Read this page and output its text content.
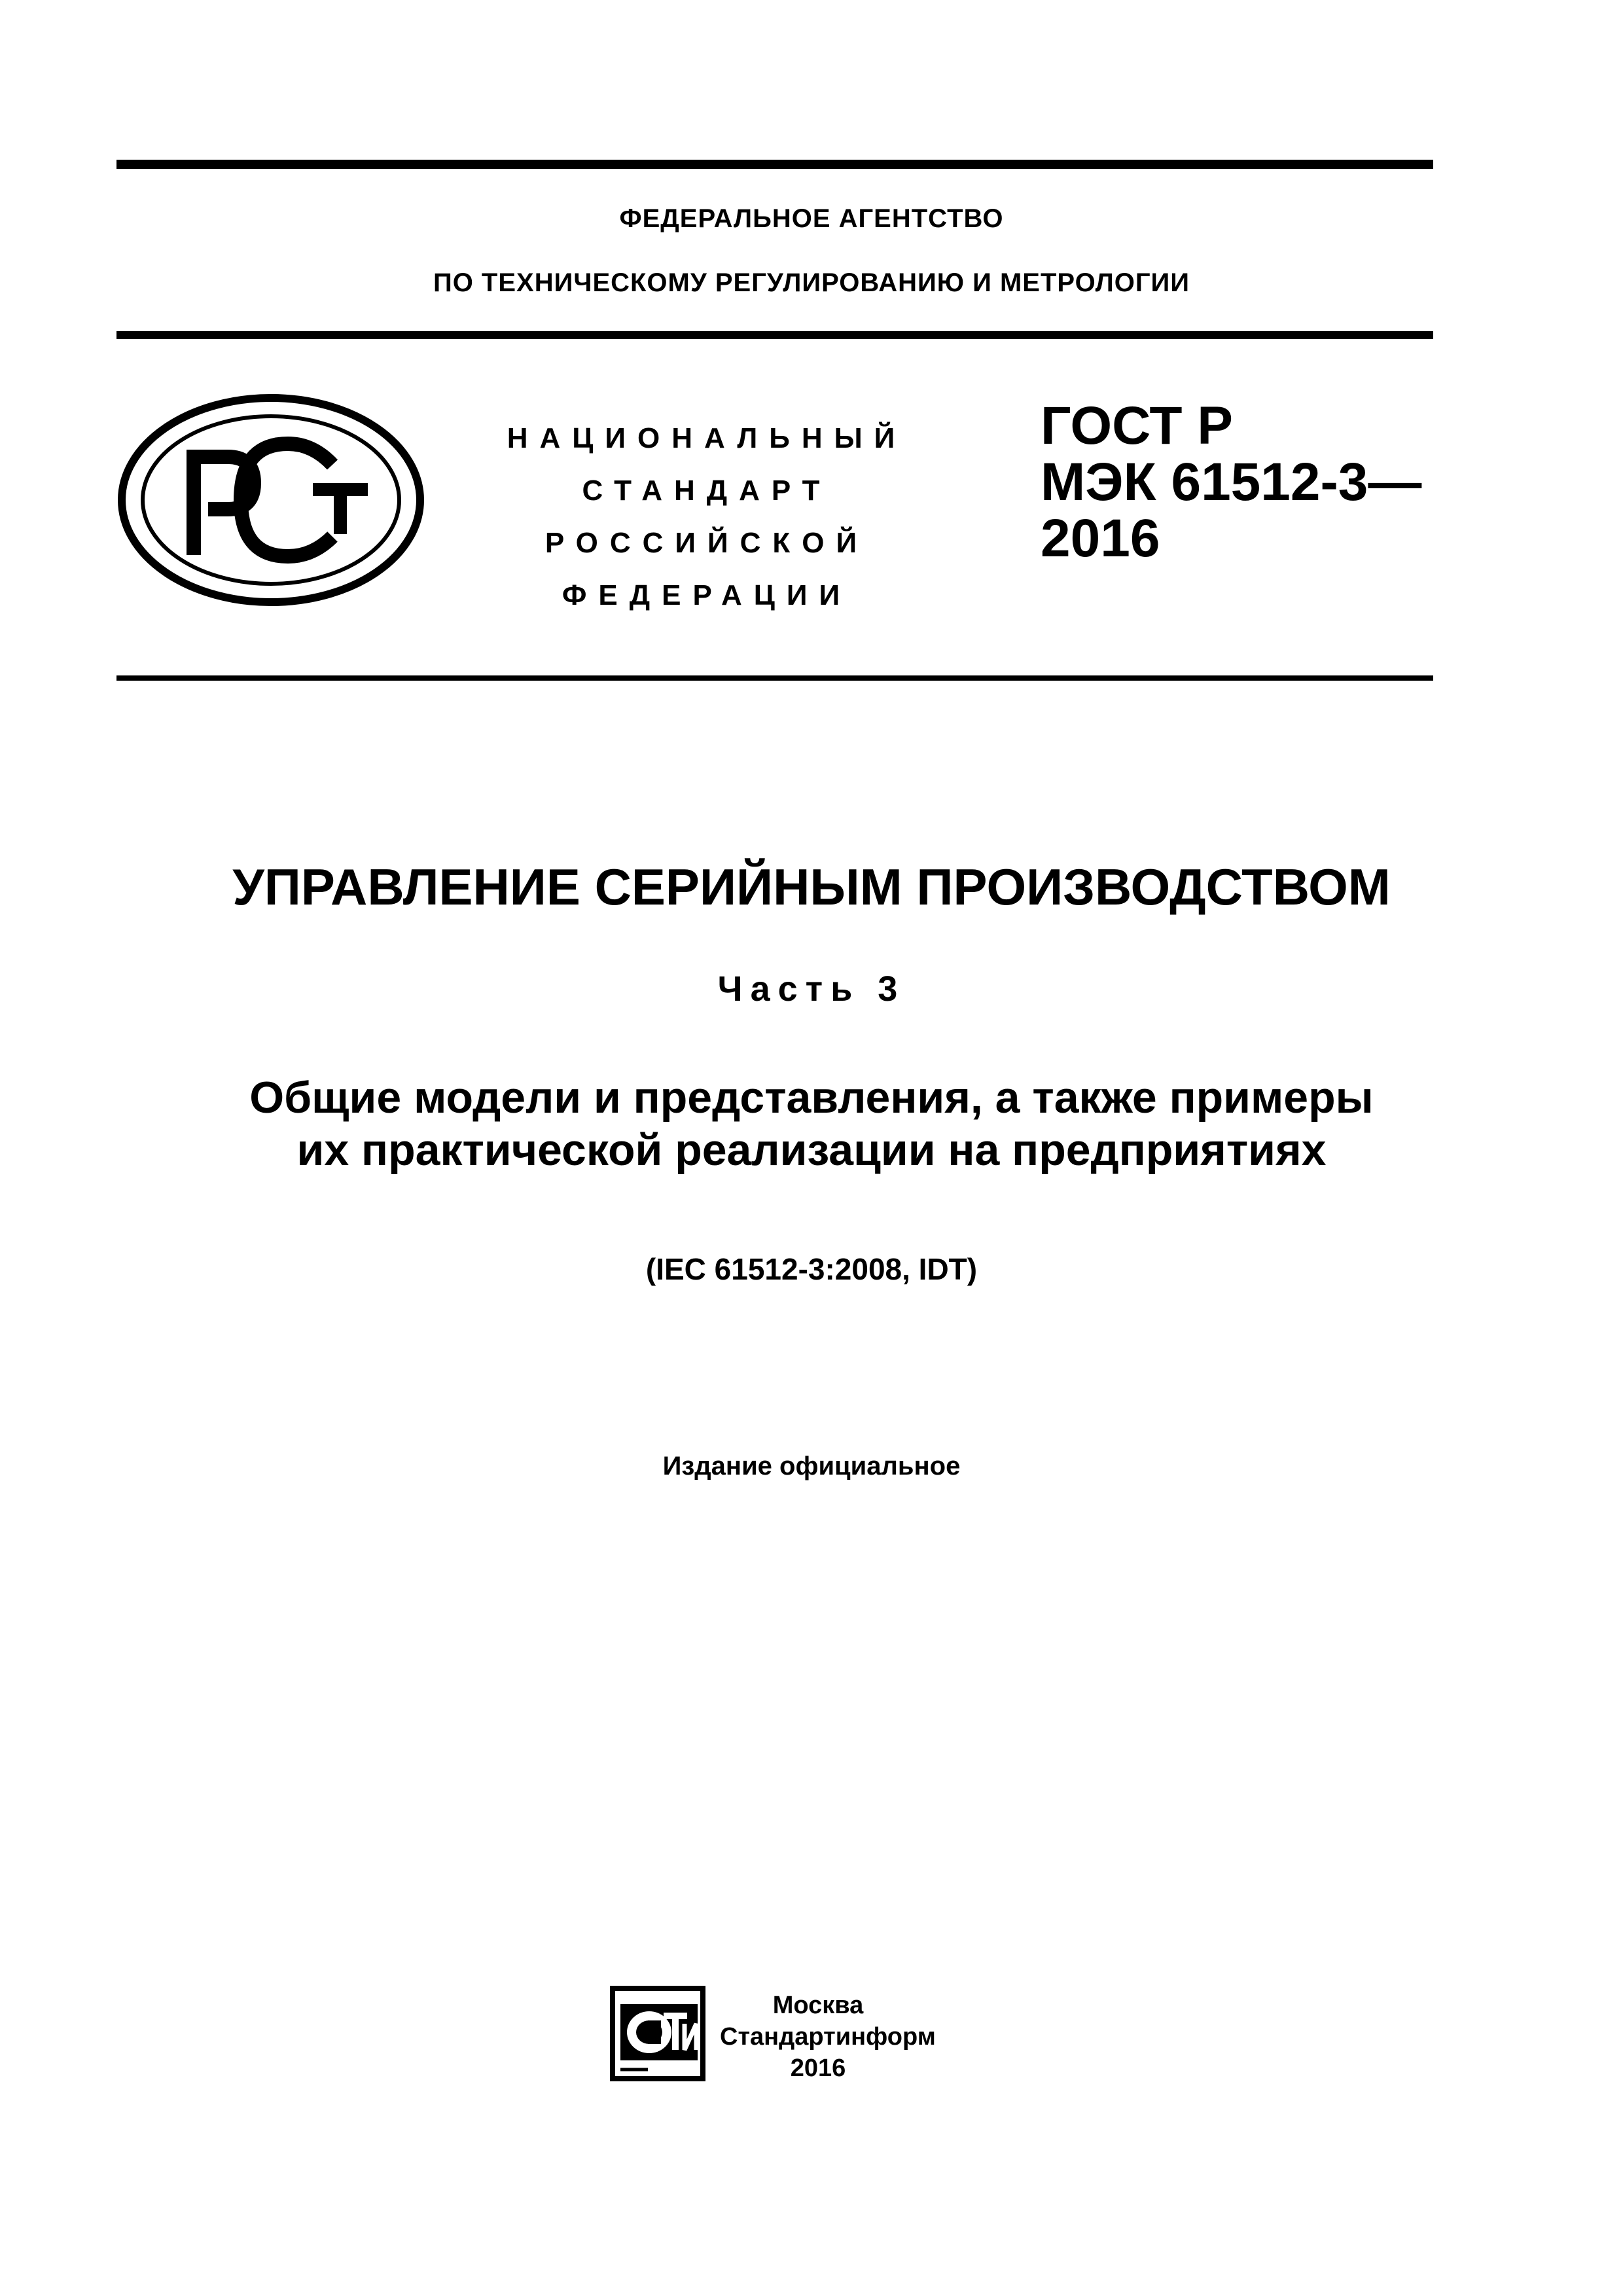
ФЕДЕРАЛЬНОЕ АГЕНТСТВО
ПО ТЕХНИЧЕСКОМУ РЕГУЛИРОВАНИЮ И МЕТРОЛОГИИ
НАЦИОНАЛЬНЫЙ
СТАНДАРТ
РОССИЙСКОЙ
ФЕДЕРАЦИИ
ГОСТ Р
МЭК 61512-3—
2016
УПРАВЛЕНИЕ СЕРИЙНЫМ ПРОИЗВОДСТВОМ
Часть 3
Общие модели и представления, а также примеры
их практической реализации на предприятиях
(IEC 61512-3:2008, IDT)
Издание официальное
Москва
Стандартинформ
2016
